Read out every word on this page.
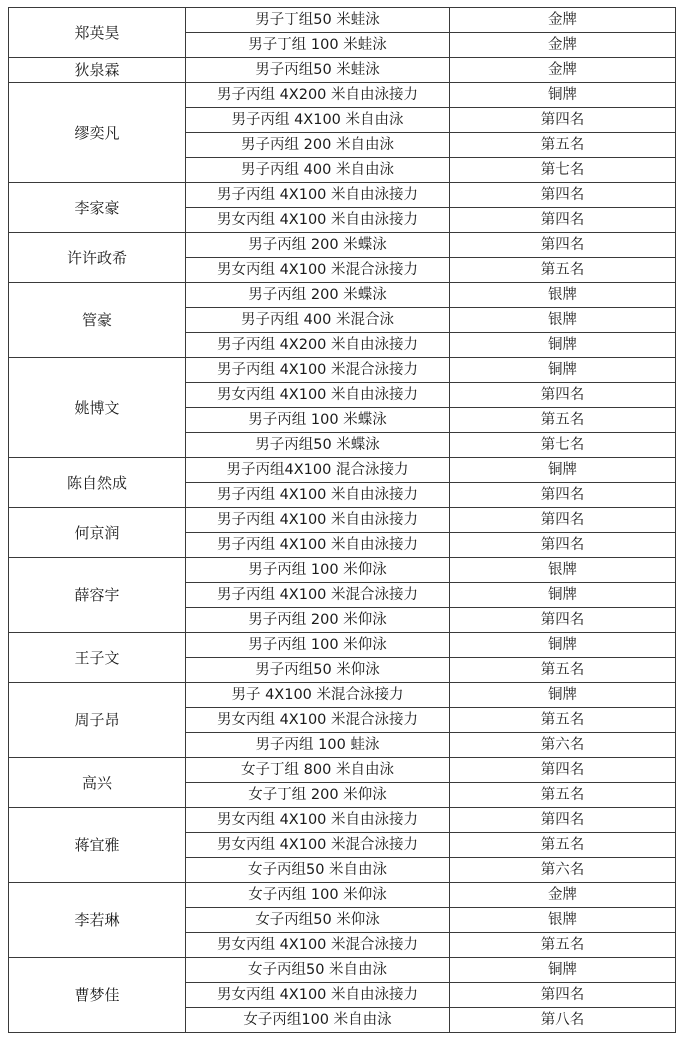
郑英昊	男子丁组50 米蛙泳	金牌
	男子丁组 100 米蛙泳	金牌
狄泉霖	男子丙组50 米蛙泳	金牌
缪奕凡	男子丙组 4X200 米自由泳接力	铜牌
	男子丙组 4X100 米自由泳	第四名
	男子丙组 200 米自由泳	第五名
	男子丙组 400 米自由泳	第七名
李家豪	男子丙组 4X100 米自由泳接力	第四名
	男女丙组 4X100 米自由泳接力	第四名
许许政希	男子丙组 200 米蝶泳	第四名
	男女丙组 4X100 米混合泳接力	第五名
管豪	男子丙组 200 米蝶泳	银牌
	男子丙组 400 米混合泳	银牌
	男子丙组 4X200 米自由泳接力	铜牌
姚博文	男子丙组 4X100 米混合泳接力	铜牌
	男女丙组 4X100 米自由泳接力	第四名
	男子丙组 100 米蝶泳	第五名
	男子丙组50 米蝶泳	第七名
陈自然成	男子丙组4X100 混合泳接力	铜牌
	男子丙组 4X100 米自由泳接力	第四名
何京润	男子丙组 4X100 米自由泳接力	第四名
	男子丙组 4X100 米自由泳接力	第四名
薛容宇	男子丙组 100 米仰泳	银牌
	男子丙组 4X100 米混合泳接力	铜牌
	男子丙组 200 米仰泳	第四名
王子文	男子丙组 100 米仰泳	铜牌
	男子丙组50 米仰泳	第五名
周子昂	男子 4X100 米混合泳接力	铜牌
	男女丙组 4X100 米混合泳接力	第五名
	男子丙组 100 蛙泳	第六名
高兴	女子丁组 800 米自由泳	第四名
	女子丁组 200 米仰泳	第五名
蒋宜雅	男女丙组 4X100 米自由泳接力	第四名
	男女丙组 4X100 米混合泳接力	第五名
	女子丙组50 米自由泳	第六名
李若琳	女子丙组 100 米仰泳	金牌
	女子丙组50 米仰泳	银牌
	男女丙组 4X100 米混合泳接力	第五名
曹梦佳	女子丙组50 米自由泳	铜牌
	男女丙组 4X100 米自由泳接力	第四名
	女子丙组100 米自由泳	第八名
